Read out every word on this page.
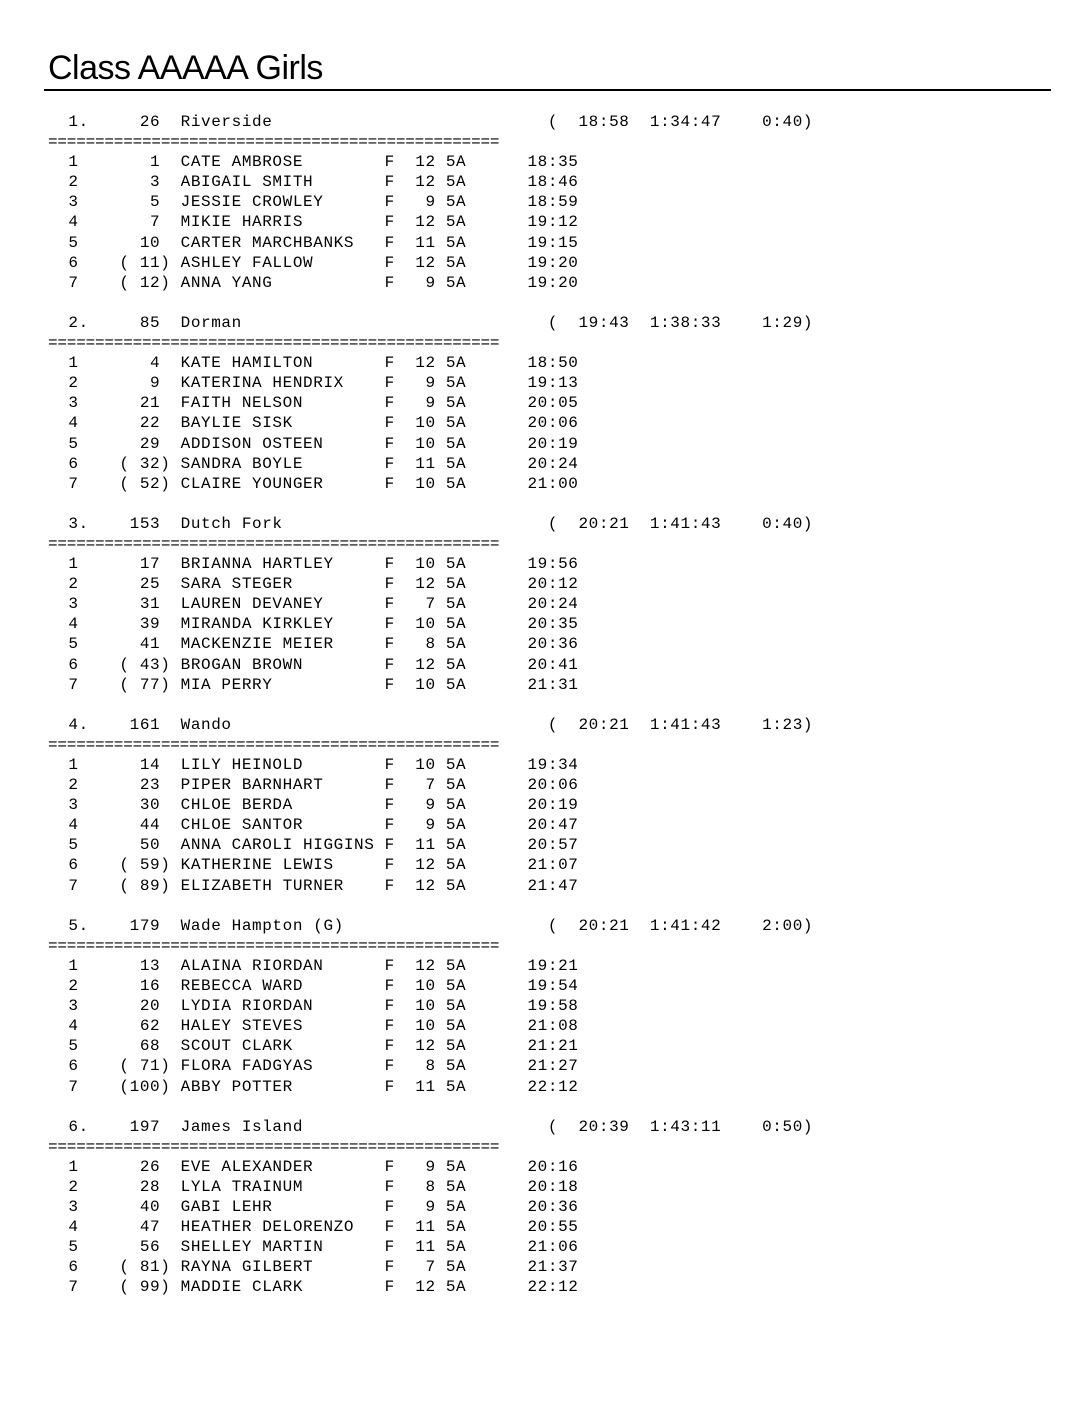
Class AAAAA Girls
1.     26  Riverside                           (  18:58  1:34:47    0:40)
================================================
1       1  CATE AMBROSE        F  12 5A      18:35
2       3  ABIGAIL SMITH       F  12 5A      18:46
3       5  JESSIE CROWLEY      F   9 5A      18:59
4       7  MIKIE HARRIS        F  12 5A      19:12
5      10  CARTER MARCHBANKS   F  11 5A      19:15
6    ( 11) ASHLEY FALLOW       F  12 5A      19:20
7    ( 12) ANNA YANG           F   9 5A      19:20

2.     85  Dorman                              (  19:43  1:38:33    1:29)
================================================
1       4  KATE HAMILTON       F  12 5A      18:50
2       9  KATERINA HENDRIX    F   9 5A      19:13
3      21  FAITH NELSON        F   9 5A      20:05
4      22  BAYLIE SISK         F  10 5A      20:06
5      29  ADDISON OSTEEN      F  10 5A      20:19
6    ( 32) SANDRA BOYLE        F  11 5A      20:24
7    ( 52) CLAIRE YOUNGER      F  10 5A      21:00

3.    153  Dutch Fork                          (  20:21  1:41:43    0:40)
================================================
1      17  BRIANNA HARTLEY     F  10 5A      19:56
2      25  SARA STEGER         F  12 5A      20:12
3      31  LAUREN DEVANEY      F   7 5A      20:24
4      39  MIRANDA KIRKLEY     F  10 5A      20:35
5      41  MACKENZIE MEIER     F   8 5A      20:36
6    ( 43) BROGAN BROWN        F  12 5A      20:41
7    ( 77) MIA PERRY           F  10 5A      21:31

4.    161  Wando                               (  20:21  1:41:43    1:23)
================================================
1      14  LILY HEINOLD        F  10 5A      19:34
2      23  PIPER BARNHART      F   7 5A      20:06
3      30  CHLOE BERDA         F   9 5A      20:19
4      44  CHLOE SANTOR        F   9 5A      20:47
5      50  ANNA CAROLI HIGGINS F  11 5A      20:57
6    ( 59) KATHERINE LEWIS     F  12 5A      21:07
7    ( 89) ELIZABETH TURNER    F  12 5A      21:47

5.    179  Wade Hampton (G)                    (  20:21  1:41:42    2:00)
================================================
1      13  ALAINA RIORDAN      F  12 5A      19:21
2      16  REBECCA WARD        F  10 5A      19:54
3      20  LYDIA RIORDAN       F  10 5A      19:58
4      62  HALEY STEVES        F  10 5A      21:08
5      68  SCOUT CLARK         F  12 5A      21:21
6    ( 71) FLORA FADGYAS       F   8 5A      21:27
7    (100) ABBY POTTER         F  11 5A      22:12

6.    197  James Island                        (  20:39  1:43:11    0:50)
================================================
1      26  EVE ALEXANDER       F   9 5A      20:16
2      28  LYLA TRAINUM        F   8 5A      20:18
3      40  GABI LEHR           F   9 5A      20:36
4      47  HEATHER DELORENZO   F  11 5A      20:55
5      56  SHELLEY MARTIN      F  11 5A      21:06
6    ( 81) RAYNA GILBERT       F   7 5A      21:37
7    ( 99) MADDIE CLARK        F  12 5A      22:12
